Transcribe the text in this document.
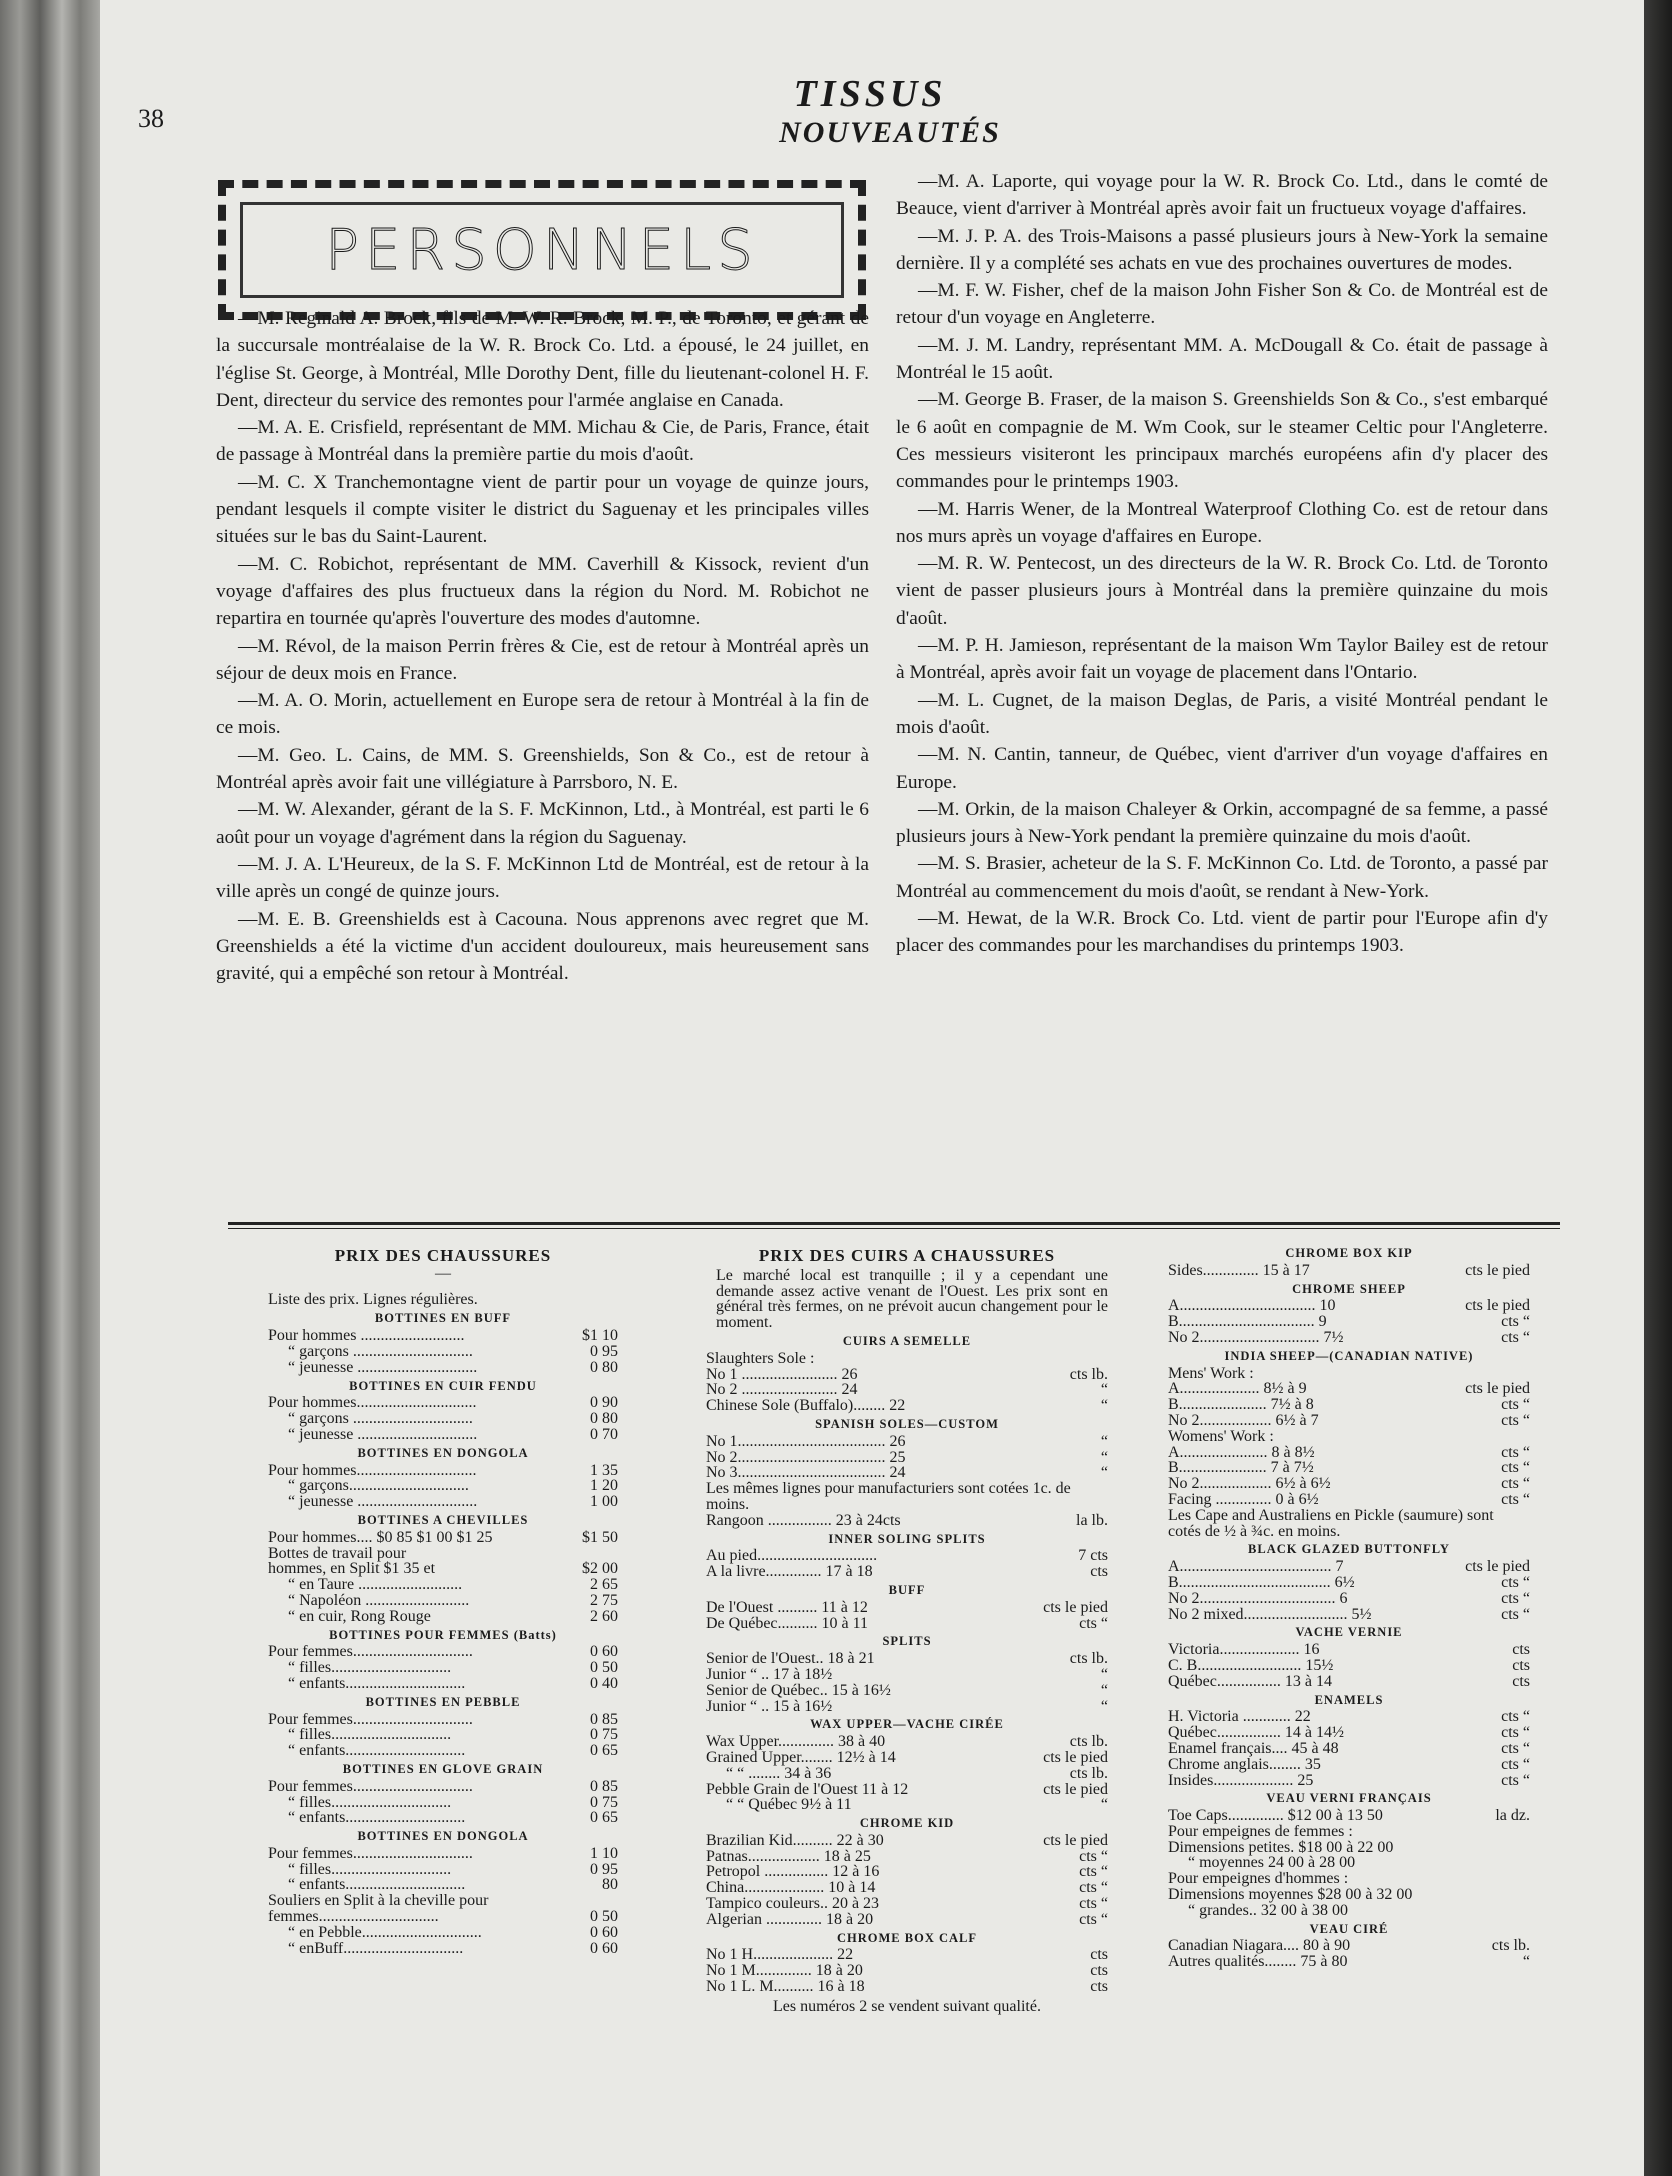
38
TISSUS
NOUVEAUTÉS
PERSONNELS

—M. Reginald A. Brock, fils de M. W. R. Brock, M. P., de Toronto, et gérant de la succursale montréalaise de la W. R. Brock Co. Ltd. a épousé, le 24 juillet, en l'église St. George, à Montréal, Mlle Dorothy Dent, fille du lieutenant-colonel H. F. Dent, directeur du service des remontes pour l'armée anglaise en Canada.

—M. A. E. Crisfield, représentant de MM. Michau & Cie, de Paris, France, était de passage à Montréal dans la première partie du mois d'août.

—M. C. X Tranchemontagne vient de partir pour un voyage de quinze jours, pendant lesquels il compte visiter le district du Saguenay et les principales villes situées sur le bas du Saint-Laurent.

—M. C. Robichot, représentant de MM. Caverhill & Kissock, revient d'un voyage d'affaires des plus fructueux dans la région du Nord. M. Robichot ne repartira en tournée qu'après l'ouverture des modes d'automne.

—M. Révol, de la maison Perrin frères & Cie, est de retour à Montréal après un séjour de deux mois en France.

—M. A. O. Morin, actuellement en Europe sera de retour à Montréal à la fin de ce mois.

—M. Geo. L. Cains, de MM. S. Greenshields, Son & Co., est de retour à Montréal après avoir fait une villégiature à Parrsboro, N. E.

—M. W. Alexander, gérant de la S. F. McKinnon, Ltd., à Montréal, est parti le 6 août pour un voyage d'agrément dans la région du Saguenay.

—M. J. A. L'Heureux, de la S. F. McKinnon Ltd de Montréal, est de retour à la ville après un congé de quinze jours.

—M. E. B. Greenshields est à Cacouna. Nous apprenons avec regret que M. Greenshields a été la victime d'un accident douloureux, mais heureusement sans gravité, qui a empêché son retour à Montréal.

—M. A. Laporte, qui voyage pour la W. R. Brock Co. Ltd., dans le comté de Beauce, vient d'arriver à Montréal après avoir fait un fructueux voyage d'affaires.

—M. J. P. A. des Trois-Maisons a passé plusieurs jours à New-York la semaine dernière. Il y a complété ses achats en vue des prochaines ouvertures de modes.

—M. F. W. Fisher, chef de la maison John Fisher Son & Co. de Montréal est de retour d'un voyage en Angleterre.

—M. J. M. Landry, représentant MM. A. McDougall & Co. était de passage à Montréal le 15 août.

—M. George B. Fraser, de la maison S. Greenshields Son & Co., s'est embarqué le 6 août en compagnie de M. Wm Cook, sur le steamer Celtic pour l'Angleterre. Ces messieurs visiteront les principaux marchés européens afin d'y placer des commandes pour le printemps 1903.

—M. Harris Wener, de la Montreal Waterproof Clothing Co. est de retour dans nos murs après un voyage d'affaires en Europe.

—M. R. W. Pentecost, un des directeurs de la W. R. Brock Co. Ltd. de Toronto vient de passer plusieurs jours à Montréal dans la première quinzaine du mois d'août.

—M. P. H. Jamieson, représentant de la maison Wm Taylor Bailey est de retour à Montréal, après avoir fait un voyage de placement dans l'Ontario.

—M. L. Cugnet, de la maison Deglas, de Paris, a visité Montréal pendant le mois d'août.

—M. N. Cantin, tanneur, de Québec, vient d'arriver d'un voyage d'affaires en Europe.

—M. Orkin, de la maison Chaleyer & Orkin, accompagné de sa femme, a passé plusieurs jours à New-York pendant la première quinzaine du mois d'août.

—M. S. Brasier, acheteur de la S. F. McKinnon Co. Ltd. de Toronto, a passé par Montréal au commencement du mois d'août, se rendant à New-York.

—M. Hewat, de la W.R. Brock Co. Ltd. vient de partir pour l'Europe afin d'y placer des commandes pour les marchandises du printemps 1903.

PRIX DES CHAUSSURES
—
Liste des prix. Lignes régulières.
BOTTINES EN BUFF
Pour hommes ..........................	$1 10
“ garçons ..............................	0 95
“ jeunesse ..............................	0 80
BOTTINES EN CUIR FENDU
Pour hommes..............................	0 90
“ garçons ..............................	0 80
“ jeunesse ..............................	0 70
BOTTINES EN DONGOLA
Pour hommes..............................	1 35
“ garçons..............................	1 20
“ jeunesse ..............................	1 00
BOTTINES A CHEVILLES
Pour hommes.... $0 85 $1 00 $1 25	$1 50
Bottes de travail pour
hommes, en Split $1 35 et	$2 00
“ en Taure ..........................	2 65
“ Napoléon ..........................	2 75
“ en cuir, Rong Rouge	2 60
BOTTINES POUR FEMMES (Batts)
Pour femmes..............................	0 60
“ filles..............................	0 50
“ enfants..............................	0 40
BOTTINES EN PEBBLE
Pour femmes..............................	0 85
“ filles..............................	0 75
“ enfants..............................	0 65
BOTTINES EN GLOVE GRAIN
Pour femmes..............................	0 85
“ filles..............................	0 75
“ enfants..............................	0 65
BOTTINES EN DONGOLA
Pour femmes..............................	1 10
“ filles..............................	0 95
“ enfants..............................	80
Souliers en Split à la cheville pour
femmes..............................	0 50
“ en Pebble..............................	0 60
“ enBuff..............................	0 60
PRIX DES CUIRS A CHAUSSURES
Le marché local est tranquille ; il y a cependant une demande assez active venant de l'Ouest. Les prix sont en général très fermes, on ne prévoit aucun changement pour le moment.
CUIRS A SEMELLE
Slaughters Sole :
No 1 ........................ 26	cts lb.
No 2 ........................ 24	“
Chinese Sole (Buffalo)........ 22	“
SPANISH SOLES—CUSTOM
No 1..................................... 26	“
No 2..................................... 25	“
No 3..................................... 24	“
Les mêmes lignes pour manufacturiers sont cotées 1c. de moins.
Rangoon ................ 23 à 24cts	la lb.
INNER SOLING SPLITS
Au pied..............................	7 cts
A la livre.............. 17 à 18	cts
BUFF
De l'Ouest .......... 11 à 12	cts le pied
De Québec.......... 10 à 11	cts “
SPLITS
Senior de l'Ouest.. 18 à 21	cts lb.
Junior “ .. 17 à 18½	“
Senior de Québec.. 15 à 16½	“
Junior “ .. 15 à 16½	“
WAX UPPER—VACHE CIRÉE
Wax Upper.............. 38 à 40	cts lb.
Grained Upper........ 12½ à 14	cts le pied
“ “ ........ 34 à 36	cts lb.
Pebble Grain de l'Ouest 11 à 12	cts le pied
“ “ Québec 9½ à 11	“
CHROME KID
Brazilian Kid.......... 22 à 30	cts le pied
Patnas.................. 18 à 25	cts “
Petropol ................ 12 à 16	cts “
China.................... 10 à 14	cts “
Tampico couleurs.. 20 à 23	cts “
Algerian .............. 18 à 20	cts “
CHROME BOX CALF
No 1 H.................... 22	cts
No 1 M.............. 18 à 20	cts
No 1 L. M.......... 16 à 18	cts
Les numéros 2 se vendent suivant qualité.
CHROME BOX KIP
Sides.............. 15 à 17	cts le pied
CHROME SHEEP
A.................................. 10	cts le pied
B.................................. 9	cts “
No 2.............................. 7½	cts “
INDIA SHEEP—(CANADIAN NATIVE)
Mens' Work :
A.................... 8½ à 9	cts le pied
B...................... 7½ à 8	cts “
No 2.................. 6½ à 7	cts “
Womens' Work :
A...................... 8 à 8½	cts “
B...................... 7 à 7½	cts “
No 2.................. 6½ à 6½	cts “
Facing .............. 0 à 6½	cts “
Les Cape and Australiens en Pickle (saumure) sont cotés de ½ à ¾c. en moins.
BLACK GLAZED BUTTONFLY
A...................................... 7	cts le pied
B...................................... 6½	cts “
No 2.................................. 6	cts “
No 2 mixed.......................... 5½	cts “
VACHE VERNIE
Victoria.................... 16	cts
C. B.......................... 15½	cts
Québec................ 13 à 14	cts
ENAMELS
H. Victoria ............ 22	cts “
Québec................ 14 à 14½	cts “
Enamel français.... 45 à 48	cts “
Chrome anglais........ 35	cts “
Insides.................... 25	cts “
VEAU VERNI FRANÇAIS
Toe Caps.............. $12 00 à 13 50	la dz.
Pour empeignes de femmes :
Dimensions petites. $18 00 à 22 00
“ moyennes 24 00 à 28 00
Pour empeignes d'hommes :
Dimensions moyennes $28 00 à 32 00
“ grandes.. 32 00 à 38 00
VEAU CIRÉ
Canadian Niagara.... 80 à 90	cts lb.
Autres qualités........ 75 à 80	“
